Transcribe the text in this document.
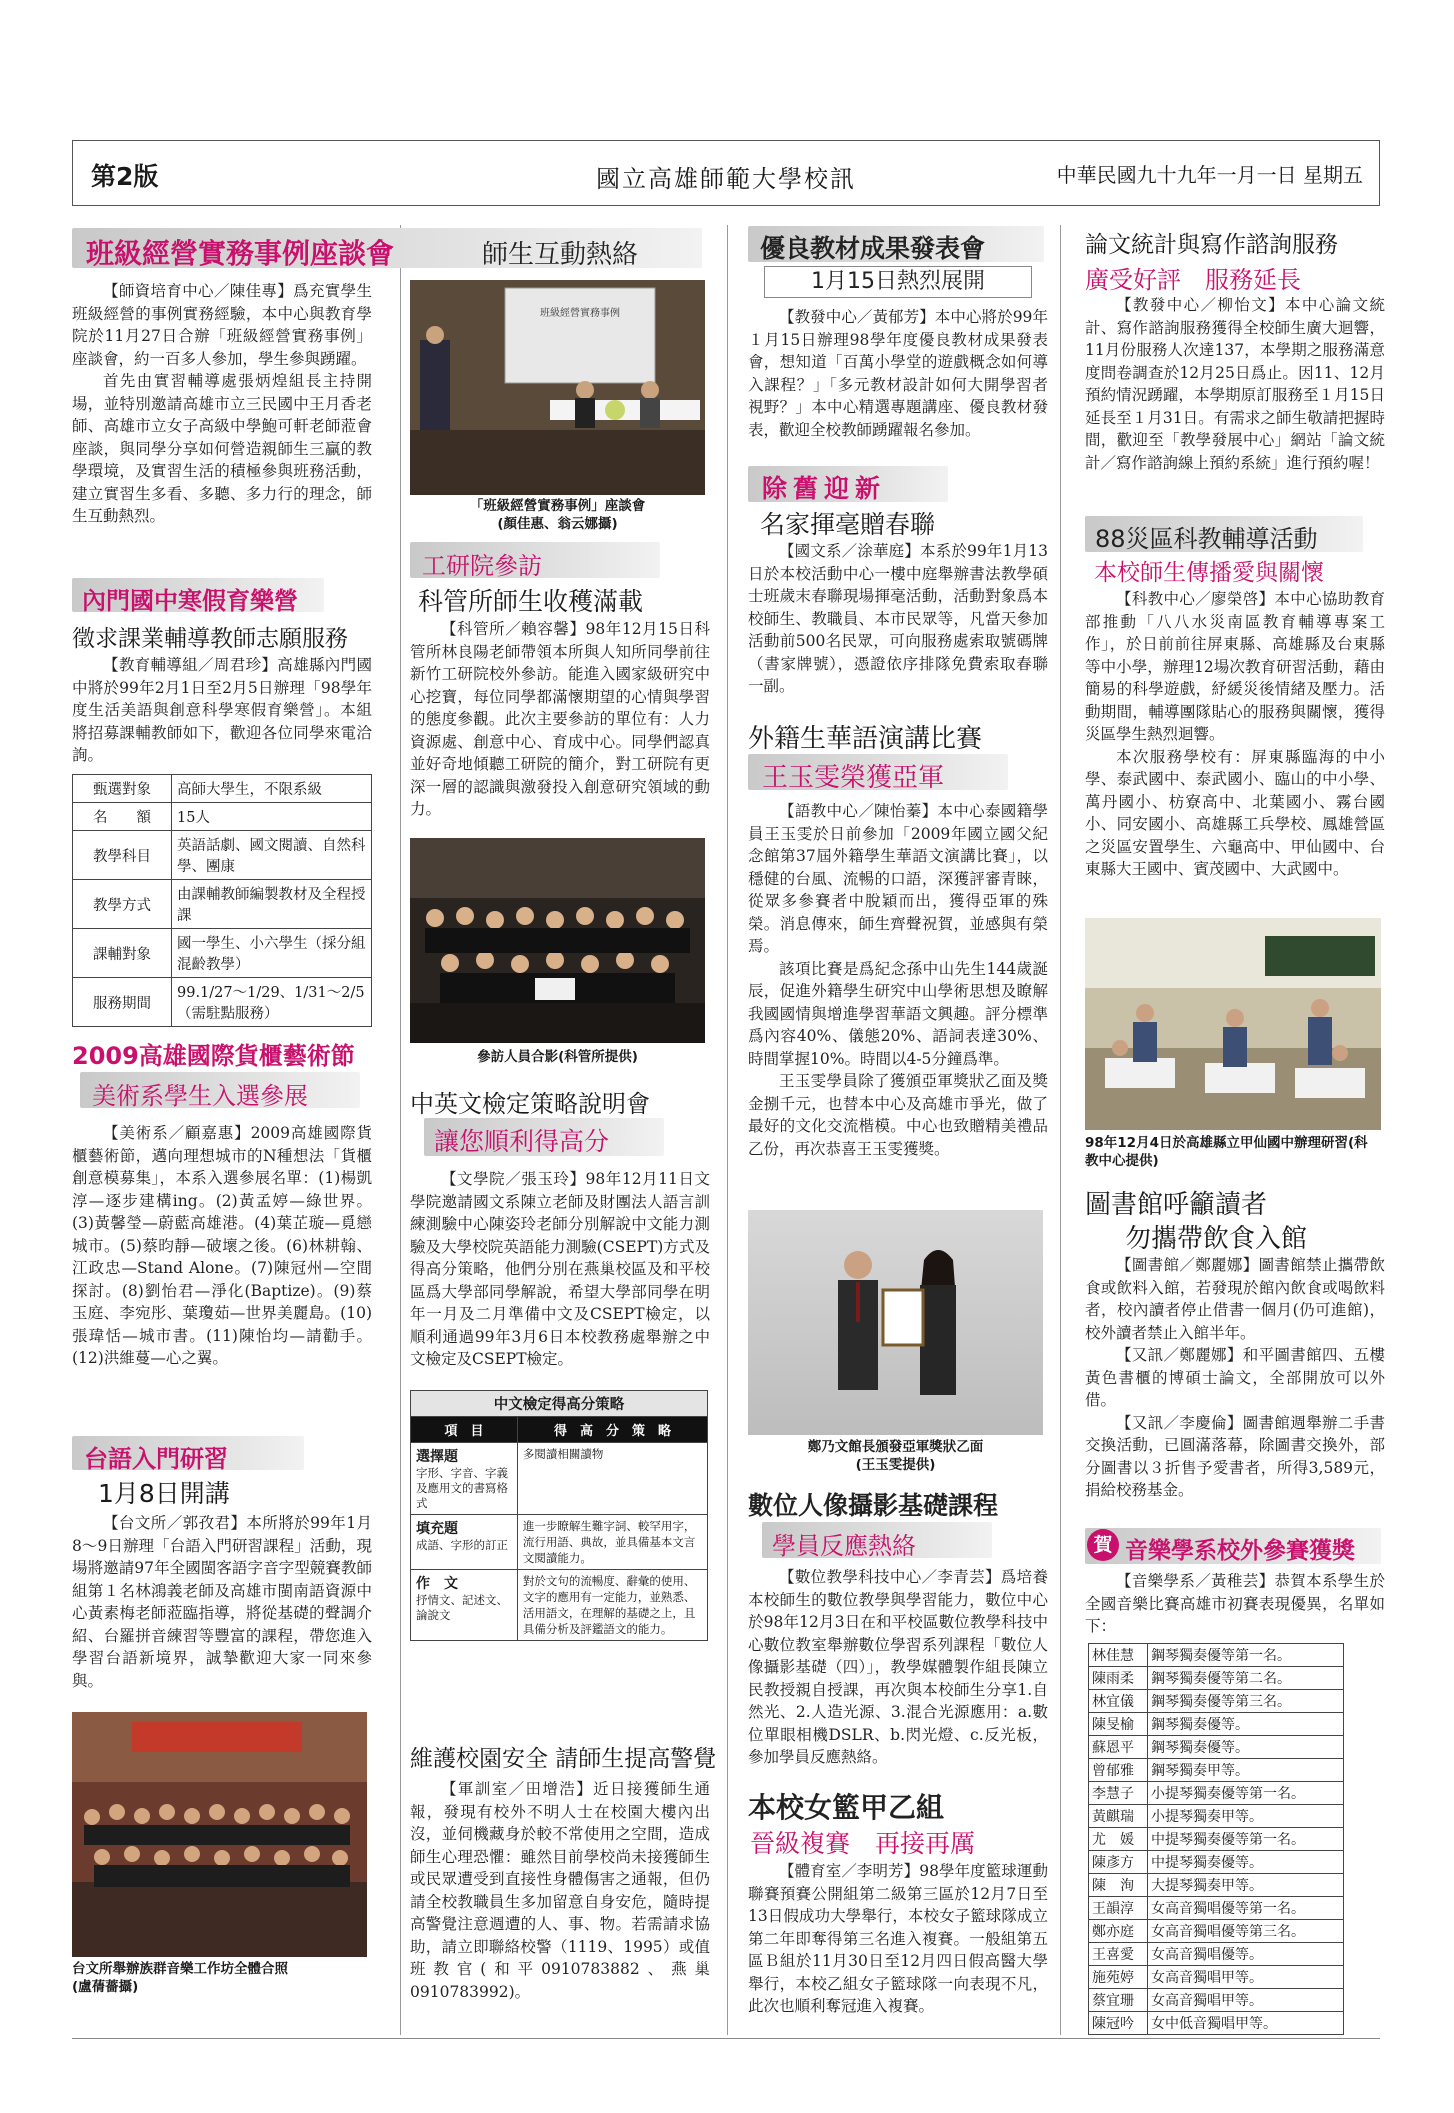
第2版	國立高雄師範大學校訊	中華民國九十九年一月一日 星期五
班級經營實務事例座談會	師生互動熱絡

【師資培育中心／陳佳專】爲充實學生班級經營的事例實務經驗，本中心與教育學院於11月27日合辦「班級經營實務事例」座談會，約一百多人參加，學生參與踴躍。

首先由實習輔導處張炳煌組長主持開場，並特別邀請高雄市立三民國中王月香老師、高雄市立女子高級中學鮑可軒老師蒞會座談，與同學分享如何營造親師生三贏的教學環境，及實習生活的積極參與班務活動，建立實習生多看、多聽、多力行的理念，師生互動熱烈。

班級經營實務事例
「班級經營實務事例」座談會
(顏佳惠、翁云娜攝)
內門國中寒假育樂營
徵求課業輔導教師志願服務

【教育輔導組／周君珍】高雄縣內門國中將於99年2月1日至2月5日辦理「98學年度生活美語與創意科學寒假育樂營」。本組將招募課輔教師如下，歡迎各位同學來電洽詢。

甄選對象	高師大學生，不限系級
名　　額	15人
教學科目	英語話劇、國文閱讀、自然科學、團康
教學方式	由課輔教師編製教材及全程授課
課輔對象	國一學生、小六學生（採分組混齡教學）
服務期間	99.1/27～1/29、1/31～2/5（需駐點服務）
2009高雄國際貨櫃藝術節
美術系學生入選參展

【美術系／顧嘉惠】2009高雄國際貨櫃藝術節，邁向理想城市的N種想法「貨櫃創意模募集」，本系入選參展名單：(1)楊凱淳—逐步建構ing。(2)黃孟婷—綠世界。(3)黃馨瑩—蔚藍高雄港。(4)葉芷璇—覓戀城市。(5)蔡昀靜—破壞之後。(6)林耕翰、江政忠—Stand Alone。(7)陳冠州—空間探討。(8)劉怡君—淨化(Baptize)。(9)蔡玉庭、李宛彤、葉瓊茹—世界美麗島。(10)張瑋恬—城市書。(11)陳怡均—請勸手。(12)洪維蔓—心之翼。

台語入門研習
1月8日開講

【台文所／郭孜君】本所將於99年1月8～9日辦理「台語入門研習課程」活動，現場將邀請97年全國閩客語字音字型競賽教師組第１名林鴻義老師及高雄市閩南語資源中心黃素梅老師蒞臨指導，將從基礎的聲調介紹、台羅拼音練習等豐富的課程，帶您進入學習台語新境界，誠摯歡迎大家一同來參與。

台文所舉辦族群音樂工作坊全體合照
(盧蒨薔攝)
工研院參訪
科管所師生收穫滿載

【科管所／賴容馨】98年12月15日科管所林良陽老師帶領本所與人知所同學前往新竹工研院校外參訪。能進入國家級研究中心挖寶，每位同學都滿懷期望的心情與學習的態度參觀。此次主要參訪的單位有：人力資源處、創意中心、育成中心。同學們認真並好奇地傾聽工研院的簡介，對工研院有更深一層的認識與激發投入創意研究領域的動力。

參訪人員合影(科管所提供)
中英文檢定策略說明會
讓您順利得高分

【文學院／張玉玲】98年12月11日文學院邀請國文系陳立老師及財團法人語言訓練測驗中心陳姿玲老師分別解說中文能力測驗及大學校院英語能力測驗(CSEPT)方式及得高分策略，他們分別在燕巢校區及和平校區爲大學部同學解說，希望大學部同學在明年一月及二月準備中文及CSEPT檢定，以順利通過99年3月6日本校教務處舉辦之中文檢定及CSEPT檢定。

中文檢定得高分策略
項　目	得　高　分　策　略

選擇題
字形、字音、字義及應用文的書寫格式	多閱讀相關讀物

填充題
成語、字形的訂正	進一步瞭解生難字詞、較罕用字，流行用語、典故，並具備基本文言文閱讀能力。

作　文
抒情文、記述文、論說文	對於文句的流暢度、辭彙的使用、文字的應用有一定能力，並熟悉、活用語文，在理解的基礎之上，且具備分析及評鑑語文的能力。
維護校園安全 請師生提高警覺

【軍訓室／田增浩】近日接獲師生通報，發現有校外不明人士在校園大樓內出沒，並伺機藏身於較不常使用之空間，造成師生心理恐懼：雖然目前學校尚未接獲師生或民眾遭受到直接性身體傷害之通報，但仍請全校教職員生多加留意自身安危，隨時提高警覺注意週遭的人、事、物。若需請求協助，請立即聯絡校警（1119、1995）或值班教官(和平0910783882、燕巢0910783992)。

優良教材成果發表會
1月15日熱烈展開

【教發中心／黃郁芳】本中心將於99年１月15日辦理98學年度優良教材成果發表會，想知道「百萬小學堂的遊戲概念如何導入課程？」「多元教材設計如何大開學習者視野？」本中心精選專題講座、優良教材發表，歡迎全校教師踴躍報名參加。

除舊迎新
名家揮毫贈春聯

【國文系／涂華庭】本系於99年1月13日於本校活動中心一樓中庭舉辦書法教學碩士班歲末春聯現場揮毫活動，活動對象爲本校師生、教職員、本市民眾等，凡當天參加活動前500名民眾，可向服務處索取號碼牌（書家牌號），憑證依序排隊免費索取春聯一副。

外籍生華語演講比賽
王玉雯榮獲亞軍

【語教中心／陳怡蓁】本中心泰國籍學員王玉雯於日前參加「2009年國立國父紀念館第37屆外籍學生華語文演講比賽」，以穩健的台風、流暢的口語，深獲評審青睞，從眾多參賽者中脫穎而出，獲得亞軍的殊榮。消息傳來，師生齊聲祝賀，並感與有榮焉。

該項比賽是爲紀念孫中山先生144歲誕辰，促進外籍學生研究中山學術思想及瞭解我國國情與增進學習華語文興趣。評分標準爲內容40%、儀態20%、語詞表達30%、時間掌握10%。時間以4-5分鐘爲準。

王玉雯學員除了獲頒亞軍獎狀乙面及獎金捌千元，也替本中心及高雄市爭光，做了最好的文化交流楷模。中心也致贈精美禮品乙份，再次恭喜王玉雯獲獎。

鄭乃文館長頒發亞軍獎狀乙面
(王玉雯提供)
數位人像攝影基礎課程
學員反應熱絡

【數位教學科技中心／李青芸】爲培養本校師生的數位教學與學習能力，數位中心於98年12月3日在和平校區數位教學科技中心數位教室舉辦數位學習系列課程「數位人像攝影基礎（四）」，教學媒體製作組長陳立民教授親自授課，再次與本校師生分享1.自然光、2.人造光源、3.混合光源應用：a.數位單眼相機DSLR、b.閃光燈、c.反光板，參加學員反應熱絡。

本校女籃甲乙組
晉級複賽　再接再厲

【體育室／李明芳】98學年度籃球運動聯賽預賽公開組第二級第三區於12月7日至13日假成功大學舉行，本校女子籃球隊成立第二年即奪得第三名進入複賽。一般組第五區Ｂ組於11月30日至12月四日假高醫大學舉行，本校乙組女子籃球隊一向表現不凡，此次也順利奪冠進入複賽。

論文統計與寫作諮詢服務
廣受好評　服務延長

【教發中心／柳怡文】本中心論文統計、寫作諮詢服務獲得全校師生廣大迴響，11月份服務人次達137，本學期之服務滿意度問卷調查於12月25日爲止。因11、12月預約情況踴躍，本學期原訂服務至１月15日延長至１月31日。有需求之師生敬請把握時間，歡迎至「教學發展中心」網站「論文統計／寫作諮詢線上預約系統」進行預約喔！

88災區科教輔導活動
本校師生傳播愛與關懷

【科教中心／廖榮啓】本中心協助教育部推動「八八水災南區教育輔導專案工作」，於日前前往屏東縣、高雄縣及台東縣等中小學，辦理12場次教育研習活動，藉由簡易的科學遊戲，紓緩災後情緒及壓力。活動期間，輔導團隊貼心的服務與關懷，獲得災區學生熱烈迴響。

本次服務學校有：屏東縣臨海的中小學、泰武國中、泰武國小、臨山的中小學、萬丹國小、枋寮高中、北葉國小、霧台國小、同安國小、高雄縣工兵學校、鳳雄營區之災區安置學生、六龜高中、甲仙國中、台東縣大王國中、賓茂國中、大武國中。

98年12月4日於高雄縣立甲仙國中辦理研習(科教中心提供)
圖書館呼籲讀者
勿攜帶飲食入館

【圖書館／鄭麗娜】圖書館禁止攜帶飲食或飲料入館，若發現於館內飲食或喝飲料者，校內讀者停止借書一個月(仍可進館)，校外讀者禁止入館半年。

【又訊／鄭麗娜】和平圖書館四、五樓黃色書櫃的博碩士論文，全部開放可以外借。

【又訊／李慶倫】圖書館週舉辦二手書交換活動，已圓滿落幕，除圖書交換外，部分圖書以３折售予愛書者，所得3,589元，捐給校務基金。

賀 音樂學系校外參賽獲獎

【音樂學系／黃稚芸】恭賀本系學生於全國音樂比賽高雄市初賽表現優異，名單如下：

林佳慧	鋼琴獨奏優等第一名。
陳雨柔	鋼琴獨奏優等第二名。
林宜儀	鋼琴獨奏優等第三名。
陳旻榆	鋼琴獨奏優等。
蘇恩平	鋼琴獨奏優等。
曾郁雅	鋼琴獨奏甲等。
李慧子	小提琴獨奏優等第一名。
黃麒瑞	小提琴獨奏甲等。
尤　媛	中提琴獨奏優等第一名。
陳彥方	中提琴獨奏優等。
陳　洵	大提琴獨奏甲等。
王韻淳	女高音獨唱優等第一名。
鄭亦庭	女高音獨唱優等第三名。
王喜愛	女高音獨唱優等。
施苑婷	女高音獨唱甲等。
蔡宜珊	女高音獨唱甲等。
陳冠吟	女中低音獨唱甲等。
